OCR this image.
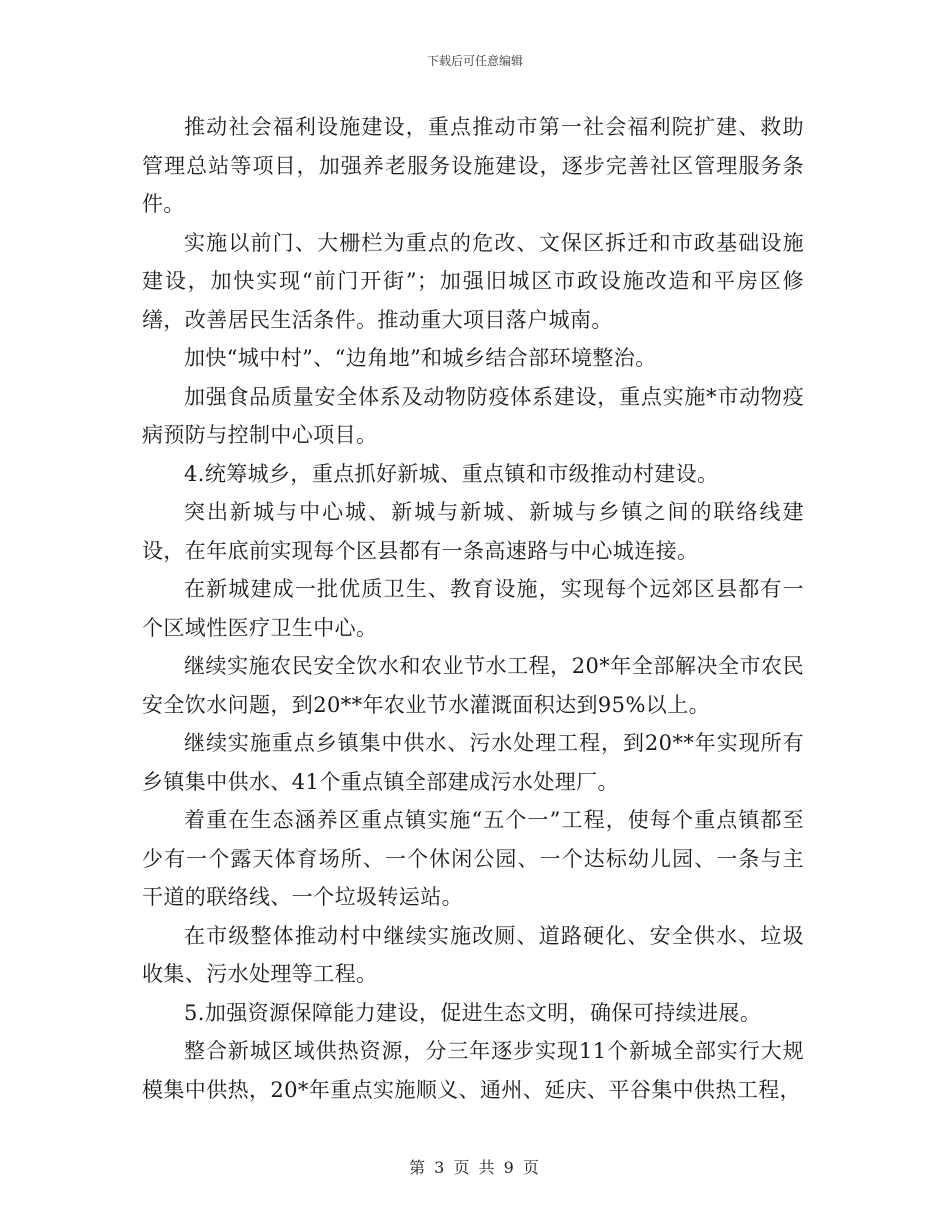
下载后可任意编辑

推动社会福利设施建设，重点推动市第一社会福利院扩建、救助管理总站等项目，加强养老服务设施建设，逐步完善社区管理服务条件。

实施以前门、大栅栏为重点的危改、文保区拆迁和市政基础设施建设，加快实现“前门开街”；加强旧城区市政设施改造和平房区修缮，改善居民生活条件。推动重大项目落户城南。

加快“城中村”、“边角地”和城乡结合部环境整治。

加强食品质量安全体系及动物防疫体系建设，重点实施*市动物疫病预防与控制中心项目。

4.统筹城乡，重点抓好新城、重点镇和市级推动村建设。

突出新城与中心城、新城与新城、新城与乡镇之间的联络线建设，在年底前实现每个区县都有一条高速路与中心城连接。

在新城建成一批优质卫生、教育设施，实现每个远郊区县都有一个区域性医疗卫生中心。

继续实施农民安全饮水和农业节水工程，20*年全部解决全市农民安全饮水问题，到20**年农业节水灌溉面积达到95%以上。

继续实施重点乡镇集中供水、污水处理工程，到20**年实现所有乡镇集中供水、41个重点镇全部建成污水处理厂。

着重在生态涵养区重点镇实施“五个一”工程，使每个重点镇都至少有一个露天体育场所、一个休闲公园、一个达标幼儿园、一条与主干道的联络线、一个垃圾转运站。

在市级整体推动村中继续实施改厕、道路硬化、安全供水、垃圾收集、污水处理等工程。

5.加强资源保障能力建设，促进生态文明，确保可持续进展。

整合新城区域供热资源，分三年逐步实现11个新城全部实行大规模集中供热，20*年重点实施顺义、通州、延庆、平谷集中供热工程，

第 3 页 共 9 页
